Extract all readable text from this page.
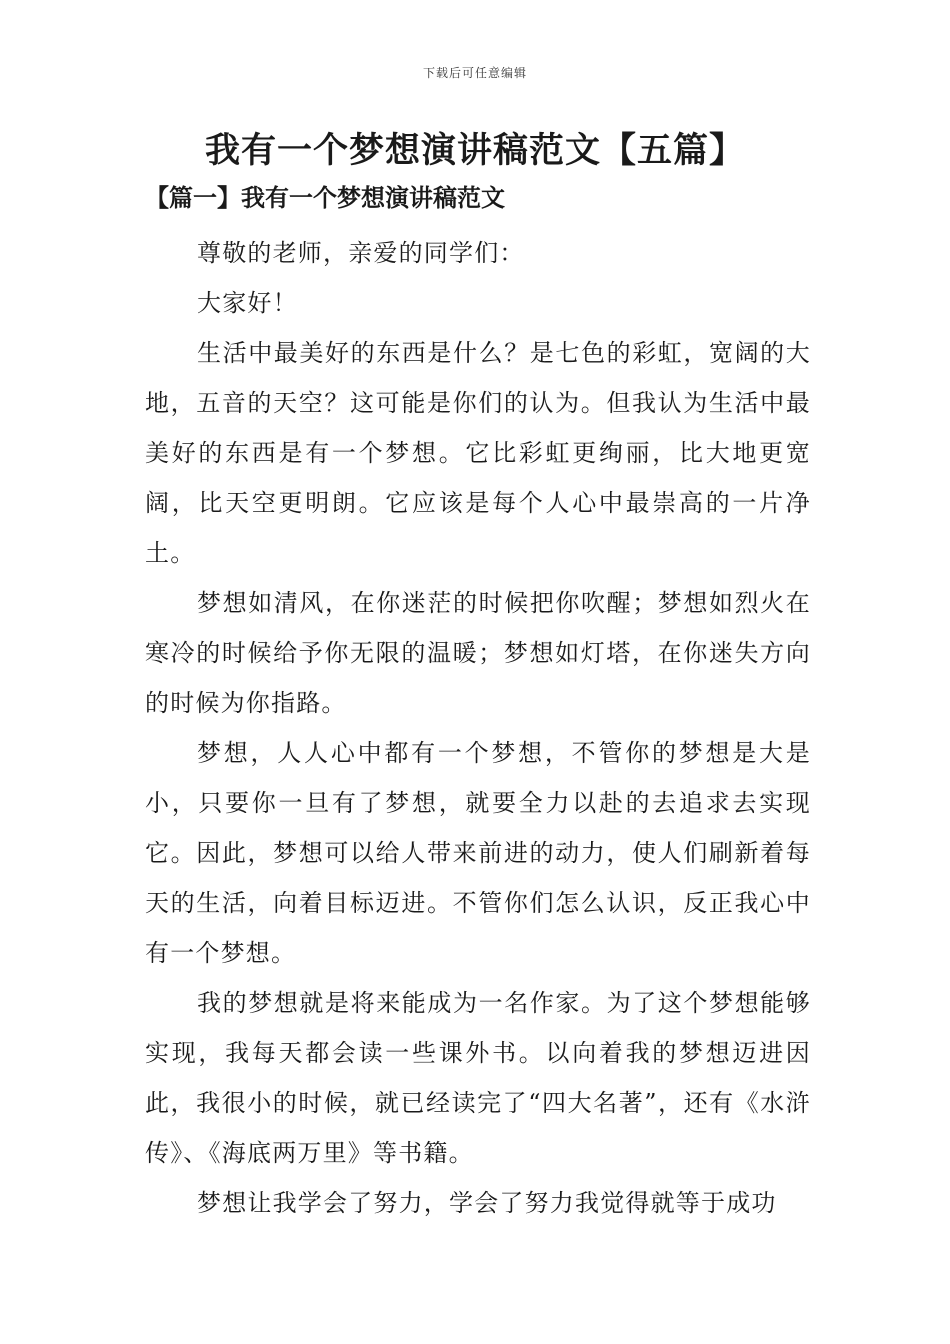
下载后可任意编辑
我有一个梦想演讲稿范文【五篇】
【篇一】我有一个梦想演讲稿范文

尊敬的老师，亲爱的同学们：

大家好！

生活中最美好的东西是什么？是七色的彩虹，宽阔的大地，五音的天空？这可能是你们的认为。但我认为生活中最美好的东西是有一个梦想。它比彩虹更绚丽，比大地更宽阔，比天空更明朗。它应该是每个人心中最崇高的一片净土。

梦想如清风，在你迷茫的时候把你吹醒；梦想如烈火在寒冷的时候给予你无限的温暖；梦想如灯塔，在你迷失方向的时候为你指路。

梦想，人人心中都有一个梦想，不管你的梦想是大是小，只要你一旦有了梦想，就要全力以赴的去追求去实现它。因此，梦想可以给人带来前进的动力，使人们刷新着每天的生活，向着目标迈进。不管你们怎么认识，反正我心中有一个梦想。

我的梦想就是将来能成为一名作家。为了这个梦想能够实现，我每天都会读一些课外书。以向着我的梦想迈进因此，我很小的时候，就已经读完了“四大名著”，还有《水浒传》、《海底两万里》等书籍。

梦想让我学会了努力，学会了努力我觉得就等于成功
